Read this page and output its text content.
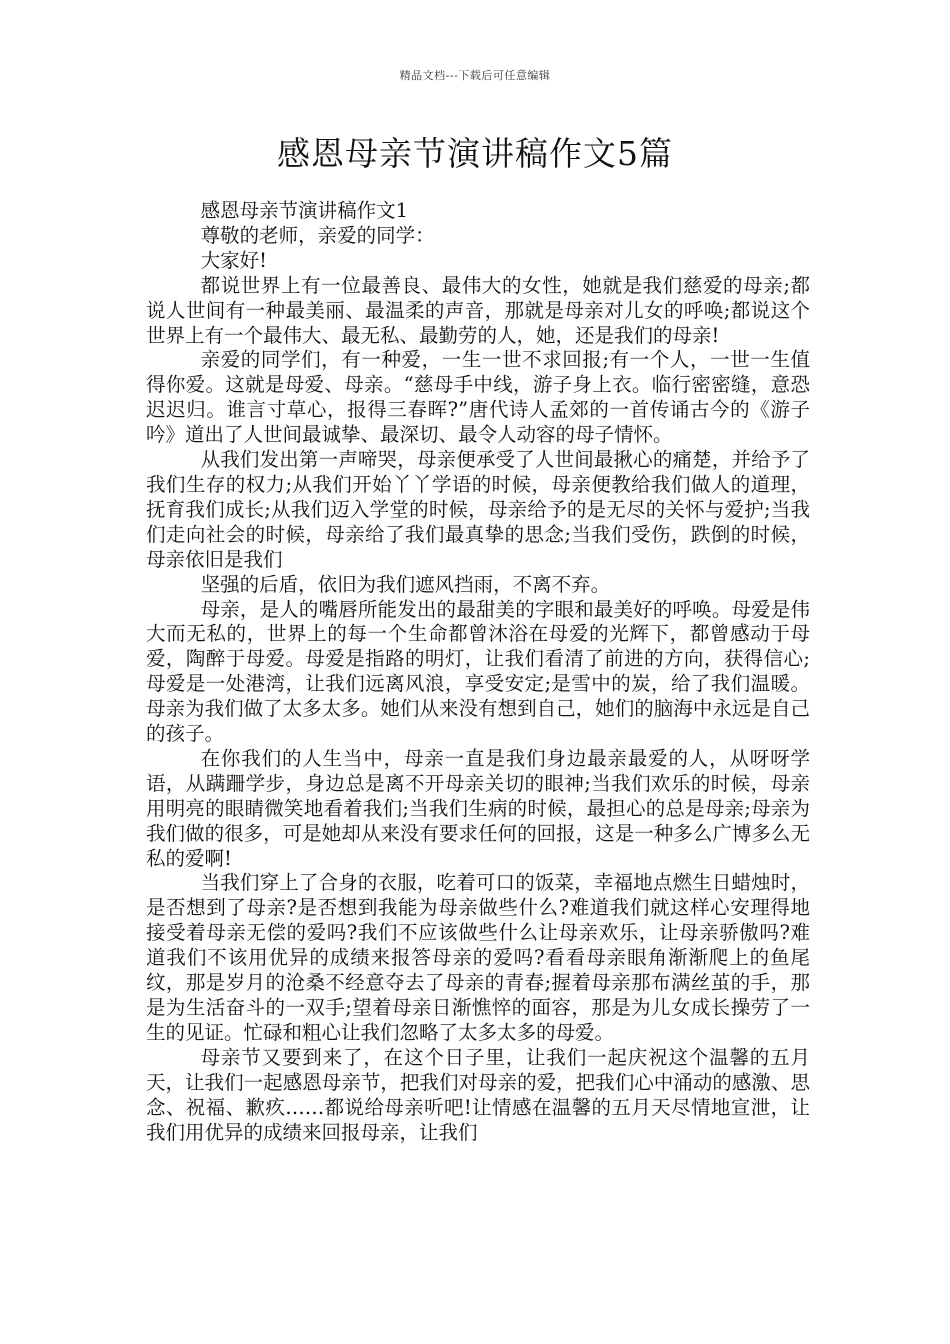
精品文档---下载后可任意编辑
感恩母亲节演讲稿作文5篇

感恩母亲节演讲稿作文1

尊敬的老师，亲爱的同学：

大家好!

都说世界上有一位最善良、最伟大的女性，她就是我们慈爱的母亲;都说人世间有一种最美丽、最温柔的声音，那就是母亲对儿女的呼唤;都说这个世界上有一个最伟大、最无私、最勤劳的人，她，还是我们的母亲!

亲爱的同学们，有一种爱，一生一世不求回报;有一个人，一世一生值得你爱。这就是母爱、母亲。“慈母手中线，游子身上衣。临行密密缝，意恐迟迟归。谁言寸草心，报得三春晖?”唐代诗人孟郊的一首传诵古今的《游子吟》道出了人世间最诚挚、最深切、最令人动容的母子情怀。

从我们发出第一声啼哭，母亲便承受了人世间最揪心的痛楚，并给予了我们生存的权力;从我们开始丫丫学语的时候，母亲便教给我们做人的道理，抚育我们成长;从我们迈入学堂的时候，母亲给予的是无尽的关怀与爱护;当我们走向社会的时候，母亲给了我们最真挚的思念;当我们受伤，跌倒的时候，母亲依旧是我们

坚强的后盾，依旧为我们遮风挡雨，不离不弃。

母亲，是人的嘴唇所能发出的最甜美的字眼和最美好的呼唤。母爱是伟大而无私的，世界上的每一个生命都曾沐浴在母爱的光辉下，都曾感动于母爱，陶醉于母爱。母爱是指路的明灯，让我们看清了前进的方向，获得信心;母爱是一处港湾，让我们远离风浪，享受安定;是雪中的炭，给了我们温暖。母亲为我们做了太多太多。她们从来没有想到自己，她们的脑海中永远是自己的孩子。

在你我们的人生当中，母亲一直是我们身边最亲最爱的人，从呀呀学语，从蹒跚学步，身边总是离不开母亲关切的眼神;当我们欢乐的时候，母亲用明亮的眼睛微笑地看着我们;当我们生病的时候，最担心的总是母亲;母亲为我们做的很多，可是她却从来没有要求任何的回报，这是一种多么广博多么无私的爱啊!

当我们穿上了合身的衣服，吃着可口的饭菜，幸福地点燃生日蜡烛时，是否想到了母亲?是否想到我能为母亲做些什么?难道我们就这样心安理得地接受着母亲无偿的爱吗?我们不应该做些什么让母亲欢乐，让母亲骄傲吗?难道我们不该用优异的成绩来报答母亲的爱吗?看看母亲眼角渐渐爬上的鱼尾纹，那是岁月的沧桑不经意夺去了母亲的青春;握着母亲那布满丝茧的手，那是为生活奋斗的一双手;望着母亲日渐憔悴的面容，那是为儿女成长操劳了一生的见证。忙碌和粗心让我们忽略了太多太多的母爱。

母亲节又要到来了，在这个日子里，让我们一起庆祝这个温馨的五月天，让我们一起感恩母亲节，把我们对母亲的爱，把我们心中涌动的感激、思念、祝福、歉疚……都说给母亲听吧!让情感在温馨的五月天尽情地宣泄，让我们用优异的成绩来回报母亲，让我们
